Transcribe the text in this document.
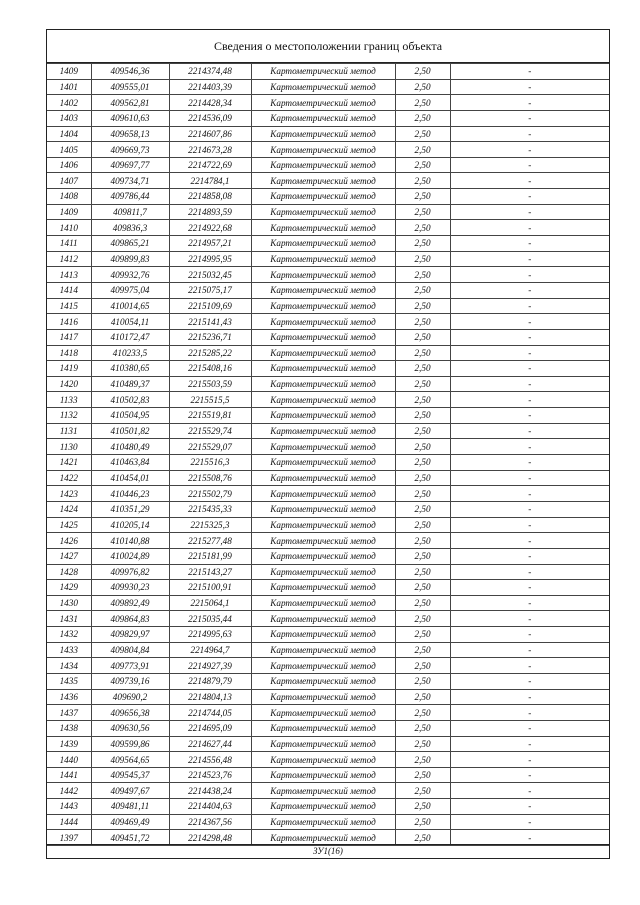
Сведения о местоположении границ объекта
1409	409546,36	2214374,48	Картометрический метод	2,50	-
1401	409555,01	2214403,39	Картометрический метод	2,50	-
1402	409562,81	2214428,34	Картометрический метод	2,50	-
1403	409610,63	2214536,09	Картометрический метод	2,50	-
1404	409658,13	2214607,86	Картометрический метод	2,50	-
1405	409669,73	2214673,28	Картометрический метод	2,50	-
1406	409697,77	2214722,69	Картометрический метод	2,50	-
1407	409734,71	2214784,1	Картометрический метод	2,50	-
1408	409786,44	2214858,08	Картометрический метод	2,50	-
1409	409811,7	2214893,59	Картометрический метод	2,50	-
1410	409836,3	2214922,68	Картометрический метод	2,50	-
1411	409865,21	2214957,21	Картометрический метод	2,50	-
1412	409899,83	2214995,95	Картометрический метод	2,50	-
1413	409932,76	2215032,45	Картометрический метод	2,50	-
1414	409975,04	2215075,17	Картометрический метод	2,50	-
1415	410014,65	2215109,69	Картометрический метод	2,50	-
1416	410054,11	2215141,43	Картометрический метод	2,50	-
1417	410172,47	2215236,71	Картометрический метод	2,50	-
1418	410233,5	2215285,22	Картометрический метод	2,50	-
1419	410380,65	2215408,16	Картометрический метод	2,50	-
1420	410489,37	2215503,59	Картометрический метод	2,50	-
1133	410502,83	2215515,5	Картометрический метод	2,50	-
1132	410504,95	2215519,81	Картометрический метод	2,50	-
1131	410501,82	2215529,74	Картометрический метод	2,50	-
1130	410480,49	2215529,07	Картометрический метод	2,50	-
1421	410463,84	2215516,3	Картометрический метод	2,50	-
1422	410454,01	2215508,76	Картометрический метод	2,50	-
1423	410446,23	2215502,79	Картометрический метод	2,50	-
1424	410351,29	2215435,33	Картометрический метод	2,50	-
1425	410205,14	2215325,3	Картометрический метод	2,50	-
1426	410140,88	2215277,48	Картометрический метод	2,50	-
1427	410024,89	2215181,99	Картометрический метод	2,50	-
1428	409976,82	2215143,27	Картометрический метод	2,50	-
1429	409930,23	2215100,91	Картометрический метод	2,50	-
1430	409892,49	2215064,1	Картометрический метод	2,50	-
1431	409864,83	2215035,44	Картометрический метод	2,50	-
1432	409829,97	2214995,63	Картометрический метод	2,50	-
1433	409804,84	2214964,7	Картометрический метод	2,50	-
1434	409773,91	2214927,39	Картометрический метод	2,50	-
1435	409739,16	2214879,79	Картометрический метод	2,50	-
1436	409690,2	2214804,13	Картометрический метод	2,50	-
1437	409656,38	2214744,05	Картометрический метод	2,50	-
1438	409630,56	2214695,09	Картометрический метод	2,50	-
1439	409599,86	2214627,44	Картометрический метод	2,50	-
1440	409564,65	2214556,48	Картометрический метод	2,50	-
1441	409545,37	2214523,76	Картометрический метод	2,50	-
1442	409497,67	2214438,24	Картометрический метод	2,50	-
1443	409481,11	2214404,63	Картометрический метод	2,50	-
1444	409469,49	2214367,56	Картометрический метод	2,50	-
1397	409451,72	2214298,48	Картометрический метод	2,50	-
ЗУ1(16)
